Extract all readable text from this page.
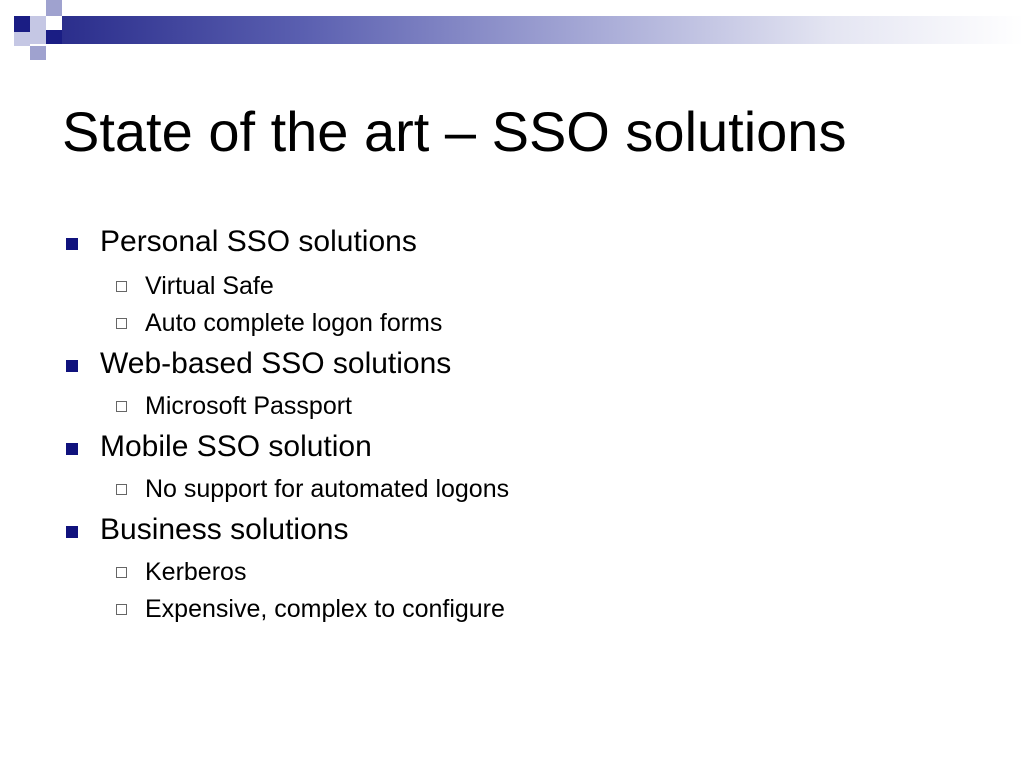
State of the art – SSO solutions
Personal SSO solutions
Virtual Safe
Auto complete logon forms
Web-based SSO solutions
Microsoft Passport
Mobile SSO solution
No support for automated logons
Business solutions
Kerberos
Expensive, complex to configure
